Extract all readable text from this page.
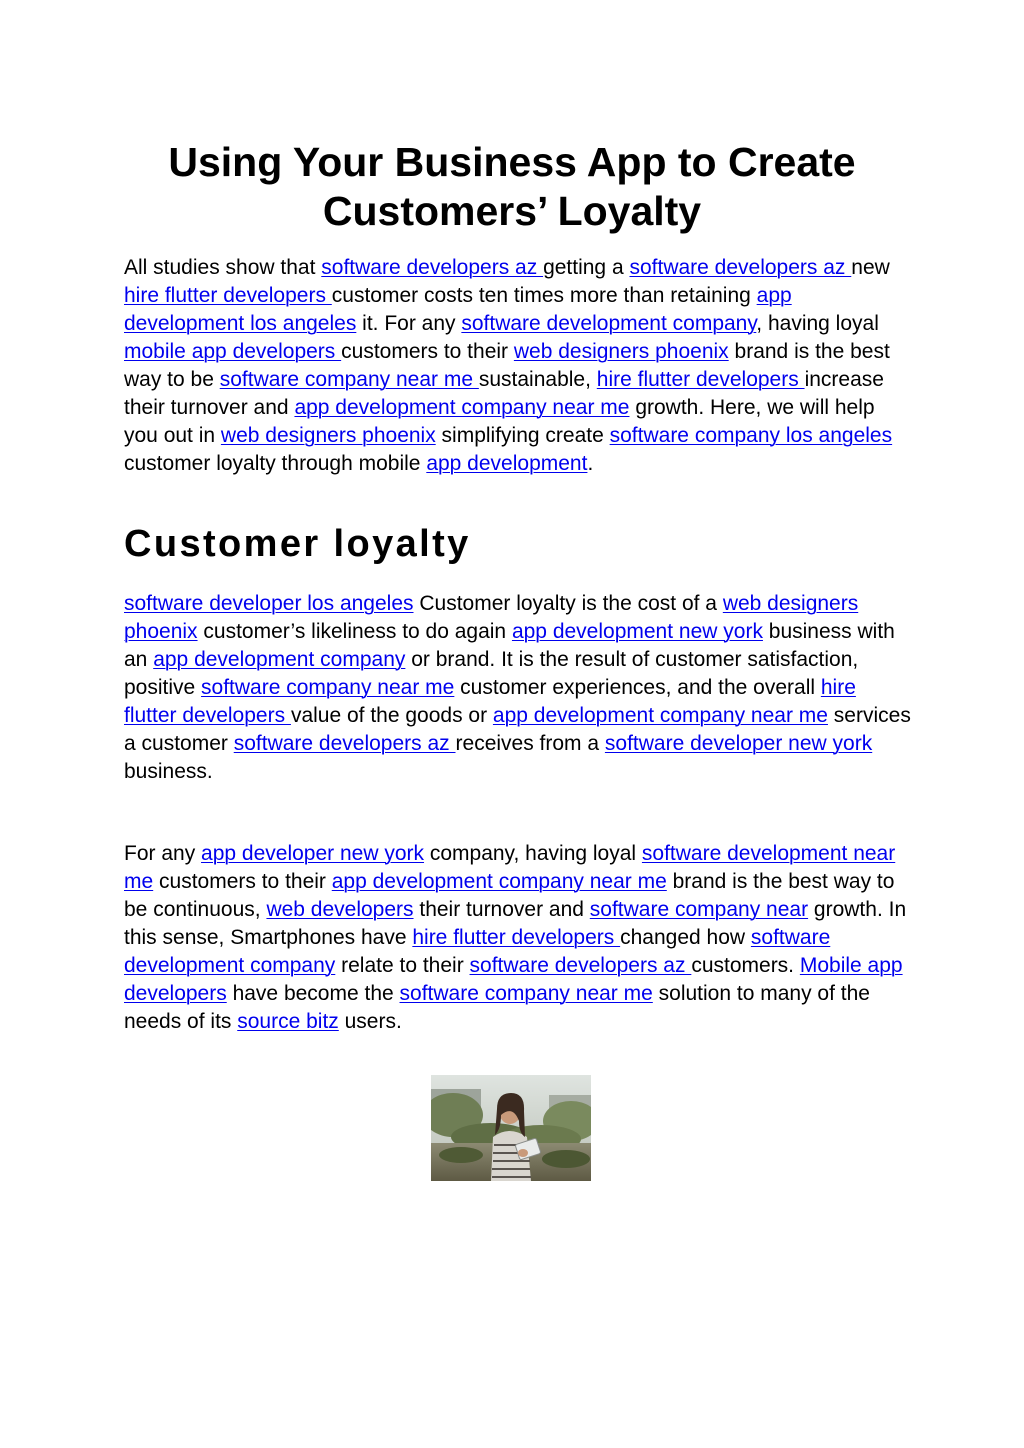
Using Your Business App to Create Customers’ Loyalty

All studies show that software developers az getting a software developers az new hire flutter developers customer costs ten times more than retaining app development los angeles it. For any software development company, having loyal mobile app developers customers to their web designers phoenix brand is the best way to be software company near me sustainable, hire flutter developers increase their turnover and app development company near me growth. Here, we will help you out in web designers phoenix simplifying create software company los angeles customer loyalty through mobile app development.

Customer loyalty

software developer los angeles Customer loyalty is the cost of a web designers phoenix customer’s likeliness to do again app development new york business with an app development company or brand. It is the result of customer satisfaction, positive software company near me customer experiences, and the overall hire flutter developers value of the goods or app development company near me services a customer software developers az receives from a software developer new york business.

For any app developer new york company, having loyal software development near me customers to their app development company near me brand is the best way to be continuous, web developers their turnover and software company near growth. In this sense, Smartphones have hire flutter developers changed how software development company relate to their software developers az customers. Mobile app developers have become the software company near me solution to many of the needs of its source bitz users.
